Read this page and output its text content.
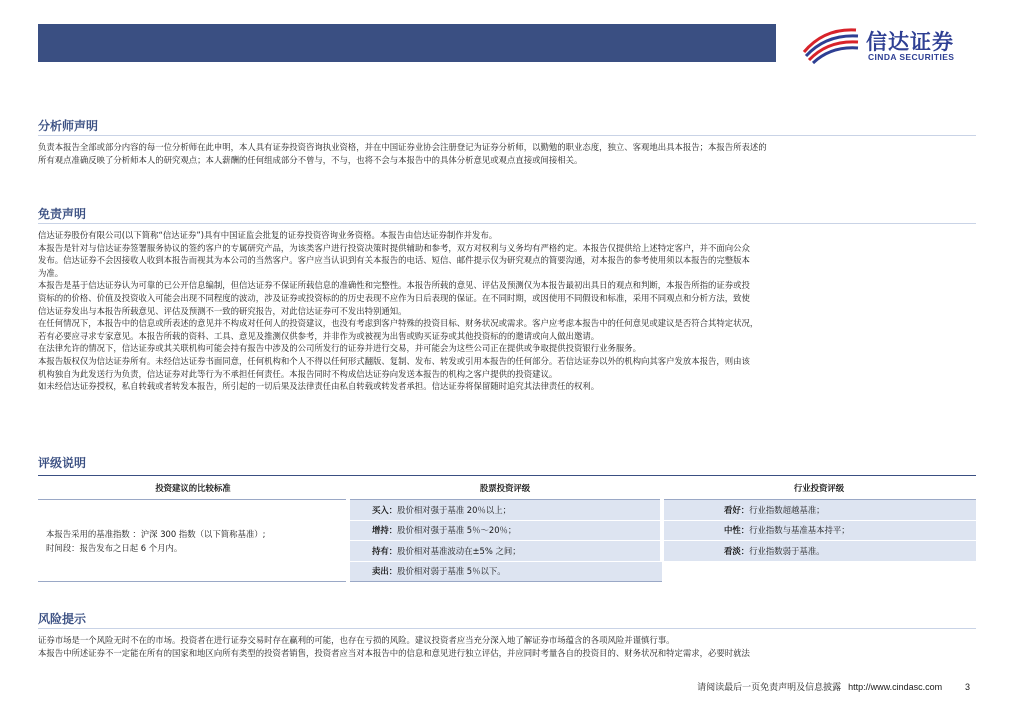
信达证券
CINDA SECURITIES
分析师声明
负责本报告全部或部分内容的每一位分析师在此申明，本人具有证券投资咨询执业资格，并在中国证券业协会注册登记为证券分析师，以勤勉的职业态度，独立、客观地出具本报告；本报告所表述的
所有观点准确反映了分析师本人的研究观点；本人薪酬的任何组成部分不曾与，不与，也将不会与本报告中的具体分析意见或观点直接或间接相关。
免责声明
信达证券股份有限公司(以下简称“信达证券”)具有中国证监会批复的证券投资咨询业务资格。本报告由信达证券制作并发布。
本报告是针对与信达证券签署服务协议的签约客户的专属研究产品，为该类客户进行投资决策时提供辅助和参考，双方对权利与义务均有严格约定。本报告仅提供给上述特定客户，并不面向公众
发布。信达证券不会因接收人收到本报告而视其为本公司的当然客户。客户应当认识到有关本报告的电话、短信、邮件提示仅为研究观点的简要沟通，对本报告的参考使用须以本报告的完整版本
为准。
本报告是基于信达证券认为可靠的已公开信息编制，但信达证券不保证所载信息的准确性和完整性。本报告所载的意见、评估及预测仅为本报告最初出具日的观点和判断，本报告所指的证券或投
资标的的价格、价值及投资收入可能会出现不同程度的波动，涉及证券或投资标的的历史表现不应作为日后表现的保证。在不同时期，或因使用不同假设和标准，采用不同观点和分析方法，致使
信达证券发出与本报告所载意见、评估及预测不一致的研究报告，对此信达证券可不发出特别通知。
在任何情况下，本报告中的信息或所表述的意见并不构成对任何人的投资建议，也没有考虑到客户特殊的投资目标、财务状况或需求。客户应考虑本报告中的任何意见或建议是否符合其特定状况，
若有必要应寻求专家意见。本报告所载的资料、工具、意见及推测仅供参考，并非作为或被视为出售或购买证券或其他投资标的的邀请或向人做出邀请。
在法律允许的情况下，信达证券或其关联机构可能会持有报告中涉及的公司所发行的证券并进行交易，并可能会为这些公司正在提供或争取提供投资银行业务服务。
本报告版权仅为信达证券所有。未经信达证券书面同意，任何机构和个人不得以任何形式翻版、复制、发布、转发或引用本报告的任何部分。若信达证券以外的机构向其客户发放本报告，则由该
机构独自为此发送行为负责，信达证券对此等行为不承担任何责任。本报告同时不构成信达证券向发送本报告的机构之客户提供的投资建议。
如未经信达证券授权，私自转载或者转发本报告，所引起的一切后果及法律责任由私自转载或转发者承担。信达证券将保留随时追究其法律责任的权利。
评级说明
投资建议的比较标准	股票投资评级	行业投资评级

本报告采用的基准指数 ：沪深 300 指数（以下简称基准）;
时间段：报告发布之日起 6 个月内。	买入：股价相对强于基准 20％以上；	看好：行业指数超越基准；
	增持：股价相对强于基准 5％～20％；	中性：行业指数与基准基本持平；
	持有：股价相对基准波动在±5% 之间；	看淡：行业指数弱于基准。
	卖出：股价相对弱于基准 5％以下。	
风险提示
证券市场是一个风险无时不在的市场。投资者在进行证券交易时存在赢利的可能，也存在亏损的风险。建议投资者应当充分深入地了解证券市场蕴含的各项风险并谨慎行事。
本报告中所述证券不一定能在所有的国家和地区向所有类型的投资者销售，投资者应当对本报告中的信息和意见进行独立评估，并应同时考量各自的投资目的、财务状况和特定需求，必要时就法
请阅读最后一页免责声明及信息披露 http://www.cindasc.com	3
